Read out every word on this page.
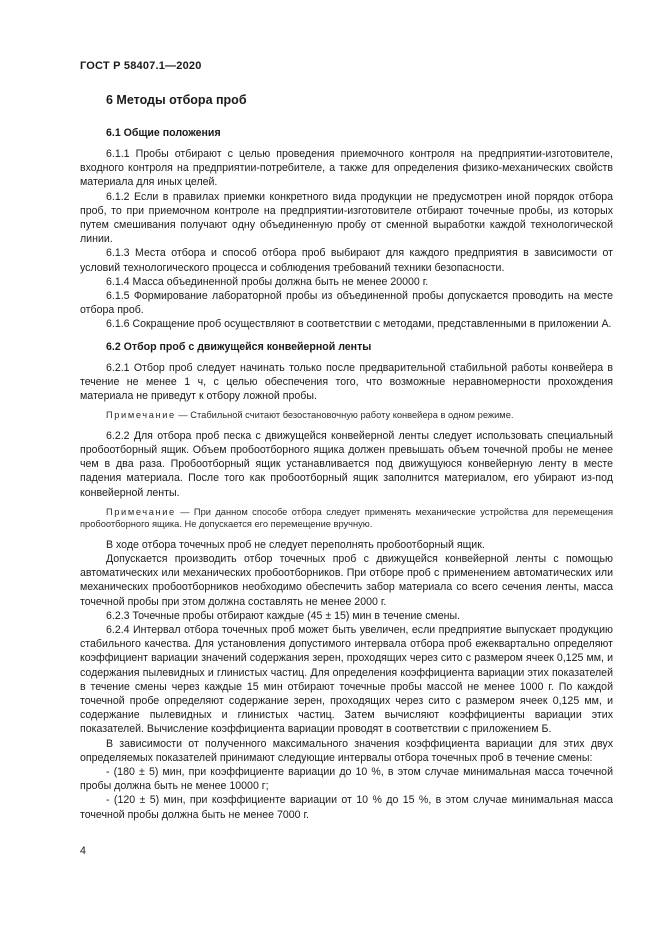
ГОСТ Р 58407.1—2020
6 Методы отбора проб
6.1 Общие положения

6.1.1 Пробы отбирают с целью проведения приемочного контроля на предприятии-изготовителе, входного контроля на предприятии-потребителе, а также для определения физико-механических свойств материала для иных целей.

6.1.2 Если в правилах приемки конкретного вида продукции не предусмотрен иной порядок отбора проб, то при приемочном контроле на предприятии-изготовителе отбирают точечные пробы, из которых путем смешивания получают одну объединенную пробу от сменной выработки каждой технологической линии.

6.1.3 Места отбора и способ отбора проб выбирают для каждого предприятия в зависимости от условий технологического процесса и соблюдения требований техники безопасности.

6.1.4 Масса объединенной пробы должна быть не менее 20000 г.

6.1.5 Формирование лабораторной пробы из объединенной пробы допускается проводить на месте отбора проб.

6.1.6 Сокращение проб осуществляют в соответствии с методами, представленными в приложении А.

6.2 Отбор проб с движущейся конвейерной ленты

6.2.1 Отбор проб следует начинать только после предварительной стабильной работы конвейера в течение не менее 1 ч, с целью обеспечения того, что возможные неравномерности прохождения материала не приведут к отбору ложной пробы.

Примечание — Стабильной считают безостановочную работу конвейера в одном режиме.

6.2.2 Для отбора проб песка с движущейся конвейерной ленты следует использовать специальный пробоотборный ящик. Объем пробоотборного ящика должен превышать объем точечной пробы не менее чем в два раза. Пробоотборный ящик устанавливается под движущуюся конвейерную ленту в месте падения материала. После того как пробоотборный ящик заполнится материалом, его убирают из-под конвейерной ленты.

Примечание — При данном способе отбора следует применять механические устройства для перемещения пробоотборного ящика. Не допускается его перемещение вручную.

В ходе отбора точечных проб не следует переполнять пробоотборный ящик.

Допускается производить отбор точечных проб с движущейся конвейерной ленты с помощью автоматических или механических пробоотборников. При отборе проб с применением автоматических или механических пробоотборников необходимо обеспечить забор материала со всего сечения ленты, масса точечной пробы при этом должна составлять не менее 2000 г.

6.2.3 Точечные пробы отбирают каждые (45 ± 15) мин в течение смены.

6.2.4 Интервал отбора точечных проб может быть увеличен, если предприятие выпускает продукцию стабильного качества. Для установления допустимого интервала отбора проб ежеквартально определяют коэффициент вариации значений содержания зерен, проходящих через сито с размером ячеек 0,125 мм, и содержания пылевидных и глинистых частиц. Для определения коэффициента вариации этих показателей в течение смены через каждые 15 мин отбирают точечные пробы массой не менее 1000 г. По каждой точечной пробе определяют содержание зерен, проходящих через сито с размером ячеек 0,125 мм, и содержание пылевидных и глинистых частиц. Затем вычисляют коэффициенты вариации этих показателей. Вычисление коэффициента вариации проводят в соответствии с приложением Б.

В зависимости от полученного максимального значения коэффициента вариации для этих двух определяемых показателей принимают следующие интервалы отбора точечных проб в течение смены:

- (180 ± 5) мин, при коэффициенте вариации до 10 %, в этом случае минимальная масса точечной пробы должна быть не менее 10000 г;

- (120 ± 5) мин, при коэффициенте вариации от 10 % до 15 %, в этом случае минимальная масса точечной пробы должна быть не менее 7000 г.

4
